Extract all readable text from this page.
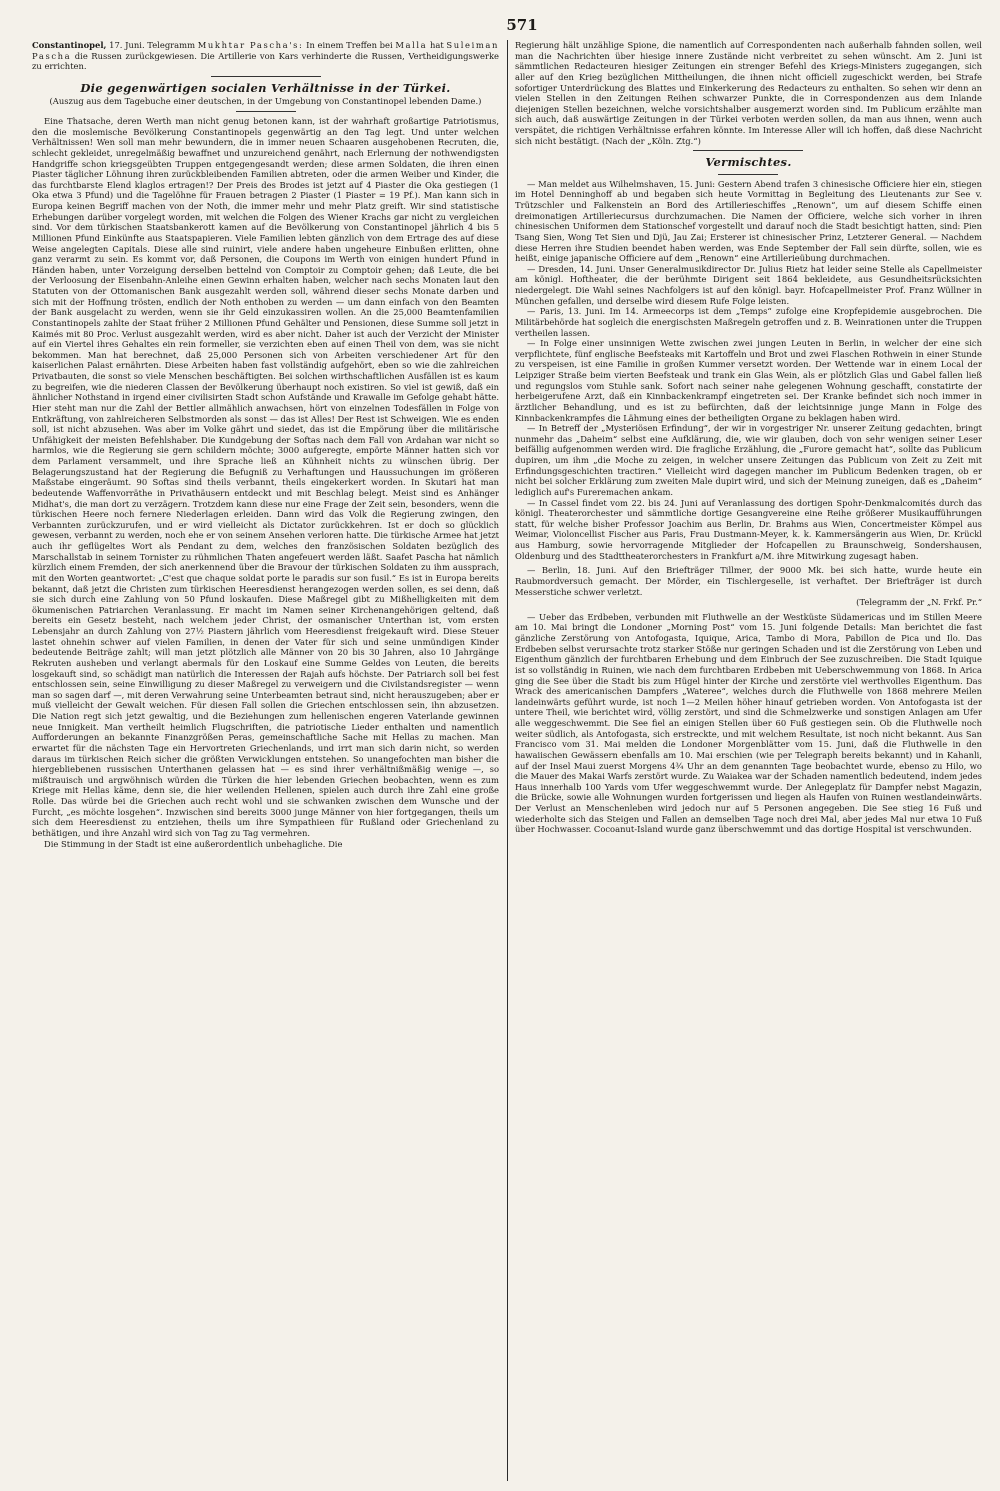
571

Constantinopel, 17. Juni. Telegramm Mukhtar Pascha's: In einem Treffen bei Malla hat Suleiman Pascha die Russen zurückgewiesen. Die Artillerie von Kars verhinderte die Russen, Vertheidigungswerke zu errichten.

Die gegenwärtigen socialen Verhältnisse in der Türkei.

(Auszug aus dem Tagebuche einer deutschen, in der Umgebung von Constantinopel lebenden Dame.)

Eine Thatsache, deren Werth man nicht genug betonen kann, ist der wahrhaft großartige Patriotismus, den die moslemische Bevölkerung Constantinopels gegenwärtig an den Tag legt. Und unter welchen Verhältnissen! Wen soll man mehr bewundern, die in immer neuen Schaaren ausgehobenen Recruten, die, schlecht gekleidet, unregelmäßig bewaffnet und unzureichend genährt, nach Erlernung der nothwendigsten Handgriffe schon kriegsgeübten Truppen entgegengesandt werden; diese armen Soldaten, die ihren einen Piaster täglicher Löhnung ihren zurückbleibenden Familien abtreten, oder die armen Weiber und Kinder, die das furchtbarste Elend klaglos ertragen!? Der Preis des Brodes ist jetzt auf 4 Piaster die Oka gestiegen (1 Oka etwa 3 Pfund) und die Tagelöhne für Frauen betragen 2 Piaster (1 Piaster = 19 Pf.). Man kann sich in Europa keinen Begriff machen von der Noth, die immer mehr und mehr Platz greift. Wir sind statistische Erhebungen darüber vorgelegt worden, mit welchen die Folgen des Wiener Krachs gar nicht zu vergleichen sind. Vor dem türkischen Staatsbankerott kamen auf die Bevölkerung von Constantinopel jährlich 4 bis 5 Millionen Pfund Einkünfte aus Staatspapieren. Viele Familien lebten gänzlich von dem Ertrage des auf diese Weise angelegten Capitals. Diese alle sind ruinirt, viele andere haben ungeheure Einbußen erlitten, ohne ganz verarmt zu sein. Es kommt vor, daß Personen, die Coupons im Werth von einigen hundert Pfund in Händen haben, unter Vorzeigung derselben bettelnd von Comptoir zu Comptoir gehen; daß Leute, die bei der Verloosung der Eisenbahn-Anleihe einen Gewinn erhalten haben, welcher nach sechs Monaten laut den Statuten von der Ottomanischen Bank ausgezahlt werden soll, während dieser sechs Monate darben und sich mit der Hoffnung trösten, endlich der Noth enthoben zu werden — um dann einfach von den Beamten der Bank ausgelacht zu werden, wenn sie ihr Geld einzukassiren wollen. An die 25,000 Beamtenfamilien Constantinopels zahlte der Staat früher 2 Millionen Pfund Gehälter und Pensionen, diese Summe soll jetzt in Kaimés mit 80 Proc. Verlust ausgezahlt werden, wird es aber nicht. Daher ist auch der Verzicht der Minister auf ein Viertel ihres Gehaltes ein rein formeller, sie verzichten eben auf einen Theil von dem, was sie nicht bekommen. Man hat berechnet, daß 25,000 Personen sich von Arbeiten verschiedener Art für den kaiserlichen Palast ernährten. Diese Arbeiten haben fast vollständig aufgehört, eben so wie die zahlreichen Privatbauten, die sonst so viele Menschen beschäftigten. Bei solchen wirthschaftlichen Ausfällen ist es kaum zu begreifen, wie die niederen Classen der Bevölkerung überhaupt noch existiren. So viel ist gewiß, daß ein ähnlicher Nothstand in irgend einer civilisirten Stadt schon Aufstände und Krawalle im Gefolge gehabt hätte. Hier steht man nur die Zahl der Bettler allmählich anwachsen, hört von einzelnen Todesfällen in Folge von Entkräftung, von zahlreicheren Selbstmorden als sonst — das ist Alles! Der Rest ist Schweigen. Wie es enden soll, ist nicht abzusehen. Was aber im Volke gährt und siedet, das ist die Empörung über die militärische Unfähigkeit der meisten Befehlshaber. Die Kundgebung der Softas nach dem Fall von Ardahan war nicht so harmlos, wie die Regierung sie gern schildern möchte; 3000 aufgeregte, empörte Männer hatten sich vor dem Parlament versammelt, und ihre Sprache ließ an Kühnheit nichts zu wünschen übrig. Der Belagerungszustand hat der Regierung die Befugniß zu Verhaftungen und Haussuchungen im größeren Maßstabe eingeräumt. 90 Softas sind theils verbannt, theils eingekerkert worden. In Skutari hat man bedeutende Waffenvorräthe in Privathäusern entdeckt und mit Beschlag belegt. Meist sind es Anhänger Midhat's, die man dort zu verzägern. Trotzdem kann diese nur eine Frage der Zeit sein, besonders, wenn die türkischen Heere noch fernere Niederlagen erleiden. Dann wird das Volk die Regierung zwingen, den Verbannten zurückzurufen, und er wird vielleicht als Dictator zurückkehren. Ist er doch so glücklich gewesen, verbannt zu werden, noch ehe er von seinem Ansehen verloren hatte. Die türkische Armee hat jetzt auch ihr geflügeltes Wort als Pendant zu dem, welches den französischen Soldaten bezüglich des Marschallstab in seinem Tornister zu rühmlichen Thaten angefeuert werden läßt. Saafet Pascha hat nämlich kürzlich einem Fremden, der sich anerkennend über die Bravour der türkischen Soldaten zu ihm aussprach, mit den Worten geantwortet: „C'est que chaque soldat porte le paradis sur son fusil.“ Es ist in Europa bereits bekannt, daß jetzt die Christen zum türkischen Heeresdienst herangezogen werden sollen, es sei denn, daß sie sich durch eine Zahlung von 50 Pfund loskaufen. Diese Maßregel gibt zu Mißhelligkeiten mit dem ökumenischen Patriarchen Veranlassung. Er macht im Namen seiner Kirchenangehörigen geltend, daß bereits ein Gesetz besteht, nach welchem jeder Christ, der osmanischer Unterthan ist, vom ersten Lebensjahr an durch Zahlung von 27½ Piastern jährlich vom Heeresdienst freigekauft wird. Diese Steuer lastet ohnehin schwer auf vielen Familien, in denen der Vater für sich und seine unmündigen Kinder bedeutende Beiträge zahlt; will man jetzt plötzlich alle Männer von 20 bis 30 Jahren, also 10 Jahrgänge Rekruten ausheben und verlangt abermals für den Loskauf eine Summe Geldes von Leuten, die bereits losgekauft sind, so schädigt man natürlich die Interessen der Rajah aufs höchste. Der Patriarch soll bei fest entschlossen sein, seine Einwilligung zu dieser Maßregel zu verweigern und die Civilstandsregister — wenn man so sagen darf —, mit deren Verwahrung seine Unterbeamten betraut sind, nicht herauszugeben; aber er muß vielleicht der Gewalt weichen. Für diesen Fall sollen die Griechen entschlossen sein, ihn abzusetzen. Die Nation regt sich jetzt gewaltig, und die Beziehungen zum hellenischen engeren Vaterlande gewinnen neue Innigkeit. Man vertheilt heimlich Flugschriften, die patriotische Lieder enthalten und namentlich Aufforderungen an bekannte Finanzgrößen Peras, gemeinschaftliche Sache mit Hellas zu machen. Man erwartet für die nächsten Tage ein Hervortreten Griechenlands, und irrt man sich darin nicht, so werden daraus im türkischen Reich sicher die größten Verwicklungen entstehen. So unangefochten man bisher die hiergebliebenen russischen Unterthanen gelassen hat — es sind ihrer verhältnißmäßig wenige —, so mißtrauisch und argwöhnisch würden die Türken die hier lebenden Griechen beobachten, wenn es zum Kriege mit Hellas käme, denn sie, die hier weilenden Hellenen, spielen auch durch ihre Zahl eine große Rolle. Das würde bei die Griechen auch recht wohl und sie schwanken zwischen dem Wunsche und der Furcht, „es möchte losgehen“. Inzwischen sind bereits 3000 junge Männer von hier fortgegangen, theils um sich dem Heeresdienst zu entziehen, theils um ihre Sympathieen für Rußland oder Griechenland zu bethätigen, und ihre Anzahl wird sich von Tag zu Tag vermehren.

Die Stimmung in der Stadt ist eine außerordentlich unbehagliche. Die

Regierung hält unzählige Spione, die namentlich auf Correspondenten nach außerhalb fahnden sollen, weil man die Nachrichten über hiesige innere Zustände nicht verbreitet zu sehen wünscht. Am 2. Juni ist sämmtlichen Redacteuren hiesiger Zeitungen ein strenger Befehl des Kriegs-Ministers zugegangen, sich aller auf den Krieg bezüglichen Mittheilungen, die ihnen nicht officiell zugeschickt werden, bei Strafe sofortiger Unterdrückung des Blattes und Einkerkerung des Redacteurs zu enthalten. So sehen wir denn an vielen Stellen in den Zeitungen Reihen schwarzer Punkte, die in Correspondenzen aus dem Inlande diejenigen Stellen bezeichnen, welche vorsichtshalber ausgemerzt worden sind. Im Publicum erzählte man sich auch, daß auswärtige Zeitungen in der Türkei verboten werden sollen, da man aus ihnen, wenn auch verspätet, die richtigen Verhältnisse erfahren könnte. Im Interesse Aller will ich hoffen, daß diese Nachricht sich nicht bestätigt. (Nach der „Köln. Ztg.“)

Vermischtes.

— Man meldet aus Wilhelmshaven, 15. Juni: Gestern Abend trafen 3 chinesische Officiere hier ein, stiegen im Hotel Denninghoff ab und begaben sich heute Vormittag in Begleitung des Lieutenants zur See v. Trützschler und Falkenstein an Bord des Artillerieschiffes „Renown“, um auf diesem Schiffe einen dreimonatigen Artilleriecursus durchzumachen. Die Namen der Officiere, welche sich vorher in ihren chinesischen Uniformen dem Stationschef vorgestellt und darauf noch die Stadt besichtigt hatten, sind: Pien Tsang Sien, Wong Tet Sien und Djü, Jau Zai; Ersterer ist chinesischer Prinz, Letzterer General. — Nachdem diese Herren ihre Studien beendet haben werden, was Ende September der Fall sein dürfte, sollen, wie es heißt, einige japanische Officiere auf dem „Renown“ eine Artillerieübung durchmachen.

— Dresden, 14. Juni. Unser Generalmusikdirector Dr. Julius Rietz hat leider seine Stelle als Capellmeister am königl. Hoftheater, die der berühmte Dirigent seit 1864 bekleidete, aus Gesundheitsrücksichten niedergelegt. Die Wahl seines Nachfolgers ist auf den königl. bayr. Hofcapellmeister Prof. Franz Wüllner in München gefallen, und derselbe wird diesem Rufe Folge leisten.

— Paris, 13. Juni. Im 14. Armeecorps ist dem „Temps“ zufolge eine Kropfepidemie ausgebrochen. Die Militärbehörde hat sogleich die energischsten Maßregeln getroffen und z. B. Weinrationen unter die Truppen vertheilen lassen.

— In Folge einer unsinnigen Wette zwischen zwei jungen Leuten in Berlin, in welcher der eine sich verpflichtete, fünf englische Beefsteaks mit Kartoffeln und Brot und zwei Flaschen Rothwein in einer Stunde zu verspeisen, ist eine Familie in großen Kummer versetzt worden. Der Wettende war in einem Local der Leipziger Straße beim vierten Beefsteak und trank ein Glas Wein, als er plötzlich Glas und Gabel fallen ließ und regungslos vom Stuhle sank. Sofort nach seiner nahe gelegenen Wohnung geschafft, constatirte der herbeigerufene Arzt, daß ein Kinnbackenkrampf eingetreten sei. Der Kranke befindet sich noch immer in ärztlicher Behandlung, und es ist zu befürchten, daß der leichtsinnige junge Mann in Folge des Kinnbackenkrampfes die Lähmung eines der betheiligten Organe zu beklagen haben wird.

— In Betreff der „Mysteriösen Erfindung“, der wir in vorgestriger Nr. unserer Zeitung gedachten, bringt nunmehr das „Daheim“ selbst eine Aufklärung, die, wie wir glauben, doch von sehr wenigen seiner Leser beifällig aufgenommen werden wird. Die fragliche Erzählung, die „Furore gemacht hat“, sollte das Publicum dupiren, um ihm „die Moche zu zeigen, in welcher unsere Zeitungen das Publicum von Zeit zu Zeit mit Erfindungsgeschichten tractiren.“ Vielleicht wird dagegen mancher im Publicum Bedenken tragen, ob er nicht bei solcher Erklärung zum zweiten Male dupirt wird, und sich der Meinung zuneigen, daß es „Daheim“ lediglich auf's Fureremachen ankam.

— In Cassel findet vom 22. bis 24. Juni auf Veranlassung des dortigen Spohr-Denkmalcomités durch das königl. Theaterorchester und sämmtliche dortige Gesangvereine eine Reihe größerer Musikaufführungen statt, für welche bisher Professor Joachim aus Berlin, Dr. Brahms aus Wien, Concertmeister Kömpel aus Weimar, Violoncellist Fischer aus Paris, Frau Dustmann-Meyer, k. k. Kammersängerin aus Wien, Dr. Krückl aus Hamburg, sowie hervorragende Mitglieder der Hofcapellen zu Braunschweig, Sondershausen, Oldenburg und des Stadttheaterorchesters in Frankfurt a/M. ihre Mitwirkung zugesagt haben.

— Berlin, 18. Juni. Auf den Briefträger Tillmer, der 9000 Mk. bei sich hatte, wurde heute ein Raubmordversuch gemacht. Der Mörder, ein Tischlergeselle, ist verhaftet. Der Briefträger ist durch Messerstiche schwer verletzt.

(Telegramm der „N. Frkf. Pr.“

— Ueber das Erdbeben, verbunden mit Fluthwelle an der Westküste Südamericas und im Stillen Meere am 10. Mai bringt die Londoner „Morning Post“ vom 15. Juni folgende Details: Man berichtet die fast gänzliche Zerstörung von Antofogasta, Iquique, Arica, Tambo di Mora, Pabillon de Pica und Ilo. Das Erdbeben selbst verursachte trotz starker Stöße nur geringen Schaden und ist die Zerstörung von Leben und Eigenthum gänzlich der furchtbaren Erhebung und dem Einbruch der See zuzuschreiben. Die Stadt Iquique ist so vollständig in Ruinen, wie nach dem furchtbaren Erdbeben mit Ueberschwemmung von 1868. In Arica ging die See über die Stadt bis zum Hügel hinter der Kirche und zerstörte viel werthvolles Eigenthum. Das Wrack des americanischen Dampfers „Wateree“, welches durch die Fluthwelle von 1868 mehrere Meilen landeinwärts geführt wurde, ist noch 1—2 Meilen höher hinauf getrieben worden. Von Antofogasta ist der untere Theil, wie berichtet wird, völlig zerstört, und sind die Schmelzwerke und sonstigen Anlagen am Ufer alle weggeschwemmt. Die See fiel an einigen Stellen über 60 Fuß gestiegen sein. Ob die Fluthwelle noch weiter südlich, als Antofogasta, sich erstreckte, und mit welchem Resultate, ist noch nicht bekannt. Aus San Francisco vom 31. Mai melden die Londoner Morgenblätter vom 15. Juni, daß die Fluthwelle in den hawaiischen Gewässern ebenfalls am 10. Mai erschien (wie per Telegraph bereits bekannt) und in Kahanli, auf der Insel Maui zuerst Morgens 4¾ Uhr an dem genannten Tage beobachtet wurde, ebenso zu Hilo, wo die Mauer des Makai Warfs zerstört wurde. Zu Waiakea war der Schaden namentlich bedeutend, indem jedes Haus innerhalb 100 Yards vom Ufer weggeschwemmt wurde. Der Anlegeplatz für Dampfer nebst Magazin, die Brücke, sowie alle Wohnungen wurden fortgerissen und liegen als Haufen von Ruinen westlandeinwärts. Der Verlust an Menschenleben wird jedoch nur auf 5 Personen angegeben. Die See stieg 16 Fuß und wiederholte sich das Steigen und Fallen an demselben Tage noch drei Mal, aber jedes Mal nur etwa 10 Fuß über Hochwasser. Cocoanut-Island wurde ganz überschwemmt und das dortige Hospital ist verschwunden.
